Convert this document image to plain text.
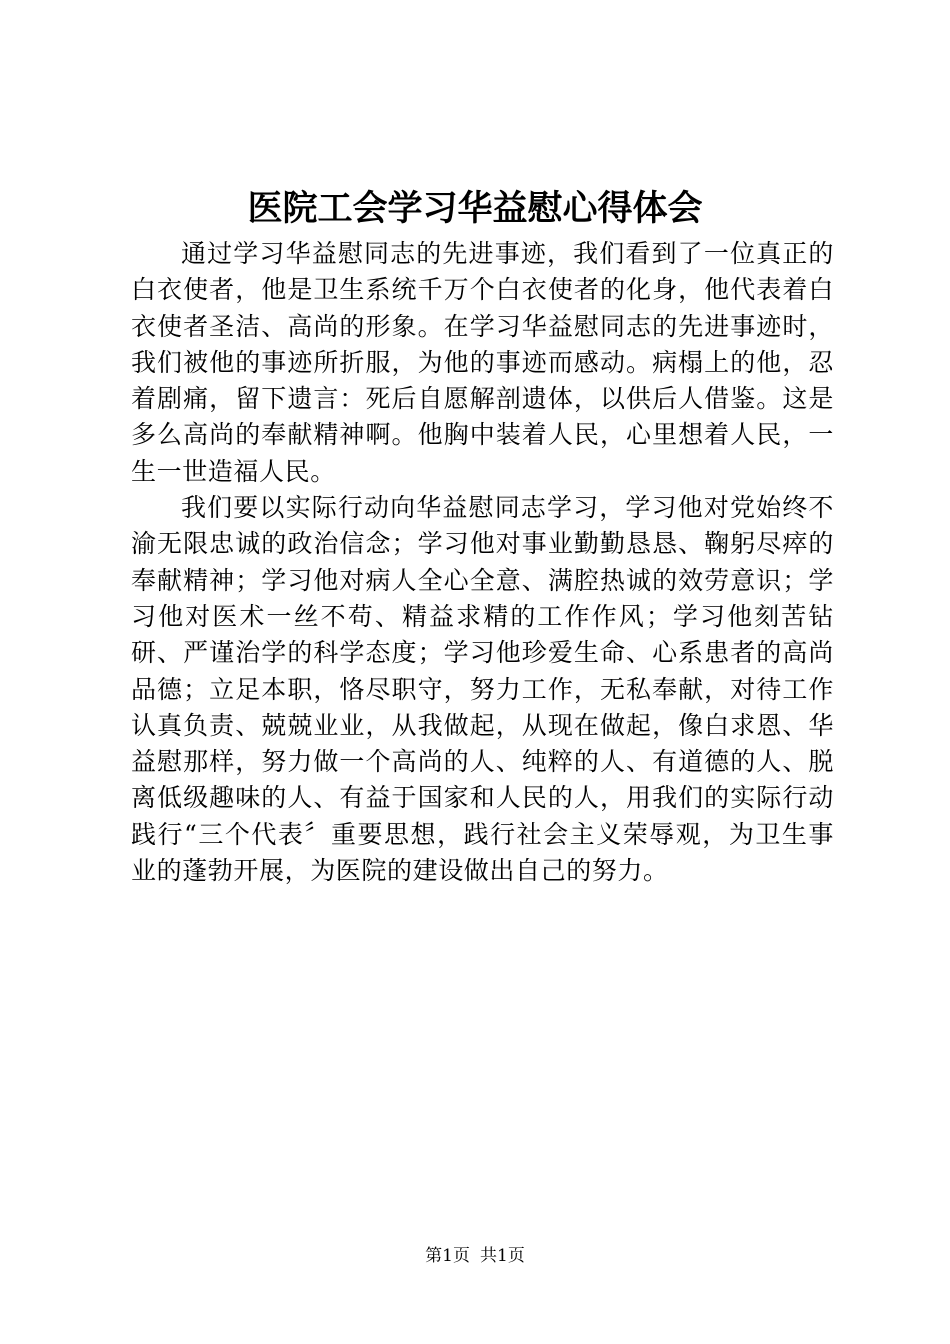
医院工会学习华益慰心得体会

通过学习华益慰同志的先进事迹，我们看到了一位真正的白衣使者，他是卫生系统千万个白衣使者的化身，他代表着白衣使者圣洁、高尚的形象。在学习华益慰同志的先进事迹时，我们被他的事迹所折服，为他的事迹而感动。病榻上的他，忍着剧痛，留下遗言：死后自愿解剖遗体，以供后人借鉴。这是多么高尚的奉献精神啊。他胸中装着人民，心里想着人民，一生一世造福人民。

我们要以实际行动向华益慰同志学习，学习他对党始终不渝无限忠诚的政治信念；学习他对事业勤勤恳恳、鞠躬尽瘁的奉献精神；学习他对病人全心全意、满腔热诚的效劳意识；学习他对医术一丝不苟、精益求精的工作作风；学习他刻苦钻研、严谨治学的科学态度；学习他珍爱生命、心系患者的高尚品德；立足本职，恪尽职守，努力工作，无私奉献，对待工作认真负责、兢兢业业，从我做起，从现在做起，像白求恩、华益慰那样，努力做一个高尚的人、纯粹的人、有道德的人、脱离低级趣味的人、有益于国家和人民的人，用我们的实际行动践行“三个代表〞重要思想，践行社会主义荣辱观，为卫生事业的蓬勃开展，为医院的建设做出自己的努力。

第1页 共1页
